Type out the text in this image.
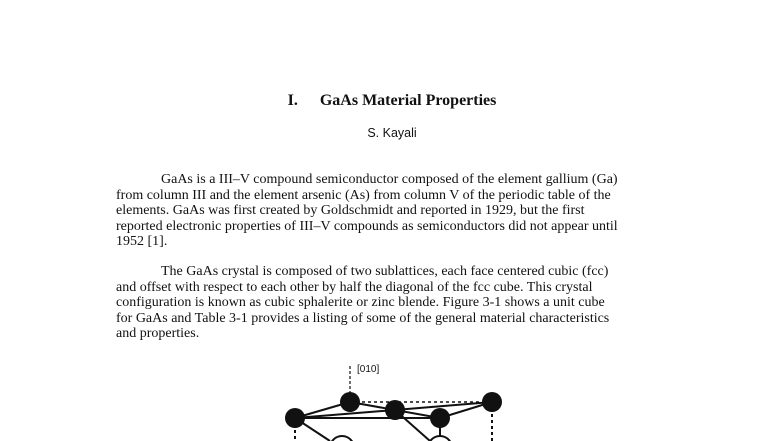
I. GaAs Material Properties
S. Kayali

GaAs is a III–V compound semiconductor composed of the element gallium (Ga)
from column III and the element arsenic (As) from column V of the periodic table of the
elements. GaAs was first created by Goldschmidt and reported in 1929, but the first
reported electronic properties of III–V compounds as semiconductors did not appear until
1952 [1].

The GaAs crystal is composed of two sublattices, each face centered cubic (fcc)
and offset with respect to each other by half the diagonal of the fcc cube. This crystal
configuration is known as cubic sphalerite or zinc blende. Figure 3-1 shows a unit cube
for GaAs and Table 3-1 provides a listing of some of the general material characteristics
and properties.

[010]
